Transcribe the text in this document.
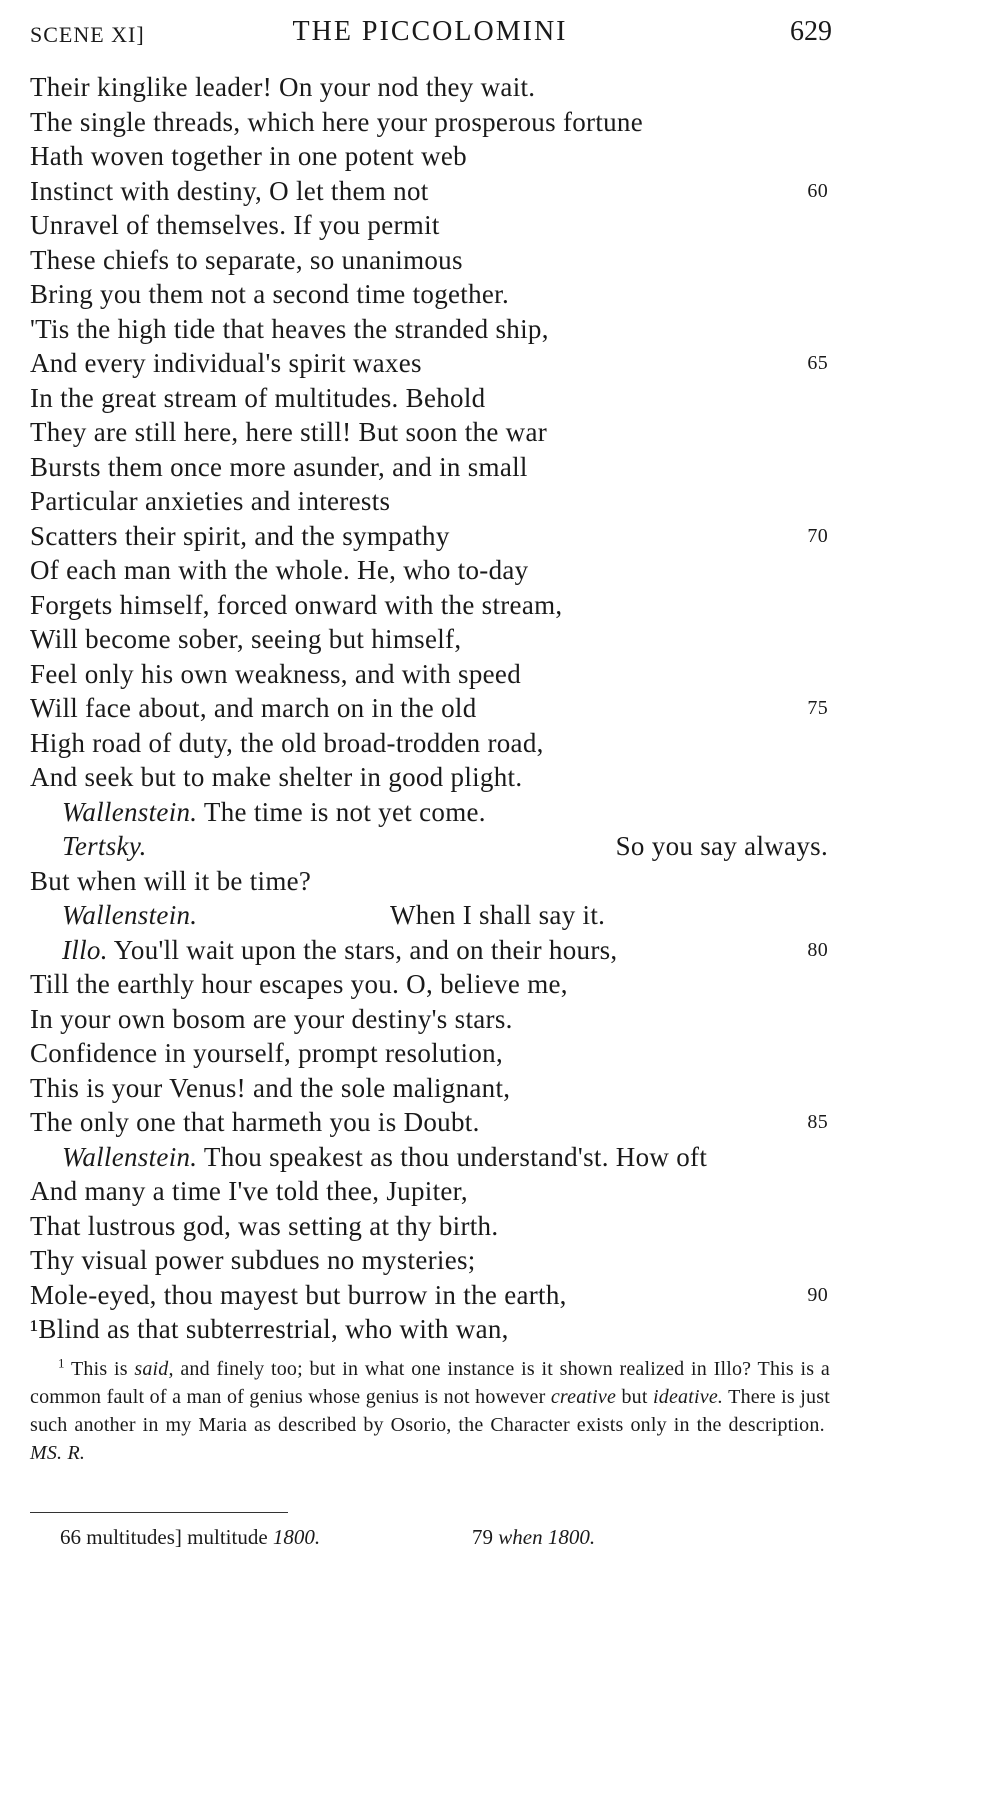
SCENE XI]	THE PICCOLOMINI	629
Their kinglike leader! On your nod they wait.
The single threads, which here your prosperous fortune
Hath woven together in one potent web
Instinct with destiny, O let them not	60
Unravel of themselves. If you permit
These chiefs to separate, so unanimous
Bring you them not a second time together.
'Tis the high tide that heaves the stranded ship,
And every individual's spirit waxes	65
In the great stream of multitudes. Behold
They are still here, here still! But soon the war
Bursts them once more asunder, and in small
Particular anxieties and interests
Scatters their spirit, and the sympathy	70
Of each man with the whole. He, who to-day
Forgets himself, forced onward with the stream,
Will become sober, seeing but himself,
Feel only his own weakness, and with speed
Will face about, and march on in the old	75
High road of duty, the old broad-trodden road,
And seek but to make shelter in good plight.
Wallenstein. The time is not yet come.
Tertsky.	So you say always.
But when will it be time?
Wallenstein.	When I shall say it.
Illo. You'll wait upon the stars, and on their hours,	80
Till the earthly hour escapes you. O, believe me,
In your own bosom are your destiny's stars.
Confidence in yourself, prompt resolution,
This is your Venus! and the sole malignant,
The only one that harmeth you is Doubt.	85
Wallenstein. Thou speakest as thou understand'st. How oft
And many a time I've told thee, Jupiter,
That lustrous god, was setting at thy birth.
Thy visual power subdues no mysteries;
Mole-eyed, thou mayest but burrow in the earth,	90
¹Blind as that subterrestrial, who with wan,
$^1$ This is said, and finely too; but in what one instance is it shown realized in Illo? This is a common fault of a man of genius whose genius is not however creative but ideative. There is just such another in my Maria as described by Osorio, the Character exists only in the description.  MS. R.
66 multitudes] multitude 1800.	79 when 1800.
